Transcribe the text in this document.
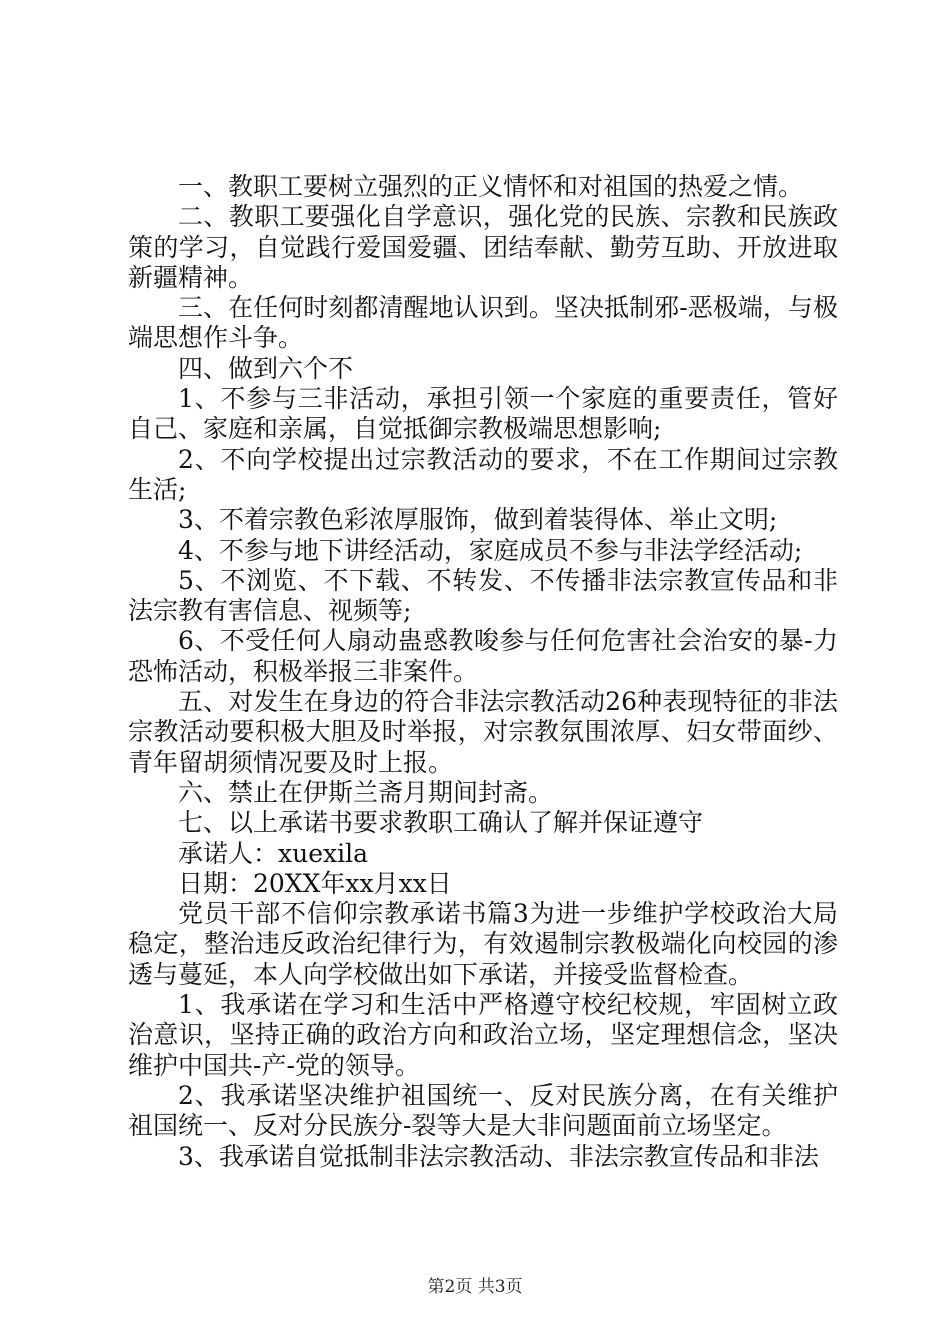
一、教职工要树立强烈的正义情怀和对祖国的热爱之情。

二、教职工要强化自学意识，强化党的民族、宗教和民族政策的学习，自觉践行爱国爱疆、团结奉献、勤劳互助、开放进取新疆精神。

三、在任何时刻都清醒地认识到。坚决抵制邪-恶极端，与极端思想作斗争。

四、做到六个不

1、不参与三非活动，承担引领一个家庭的重要责任，管好自己、家庭和亲属，自觉抵御宗教极端思想影响;

2、不向学校提出过宗教活动的要求，不在工作期间过宗教生活;

3、不着宗教色彩浓厚服饰，做到着装得体、举止文明;

4、不参与地下讲经活动，家庭成员不参与非法学经活动;

5、不浏览、不下载、不转发、不传播非法宗教宣传品和非法宗教有害信息、视频等;

6、不受任何人扇动蛊惑教唆参与任何危害社会治安的暴-力恐怖活动，积极举报三非案件。

五、对发生在身边的符合非法宗教活动26种表现特征的非法宗教活动要积极大胆及时举报，对宗教氛围浓厚、妇女带面纱、青年留胡须情况要及时上报。

六、禁止在伊斯兰斋月期间封斋。

七、以上承诺书要求教职工确认了解并保证遵守

承诺人：xuexila

日期：20XX年xx月xx日

党员干部不信仰宗教承诺书篇3为进一步维护学校政治大局稳定，整治违反政治纪律行为，有效遏制宗教极端化向校园的渗透与蔓延，本人向学校做出如下承诺，并接受监督检查。

1、我承诺在学习和生活中严格遵守校纪校规，牢固树立政治意识，坚持正确的政治方向和政治立场，坚定理想信念，坚决维护中国共-产-党的领导。

2、我承诺坚决维护祖国统一、反对民族分离，在有关维护祖国统一、反对分民族分-裂等大是大非问题面前立场坚定。

3、我承诺自觉抵制非法宗教活动、非法宗教宣传品和非法

第2页 共3页
